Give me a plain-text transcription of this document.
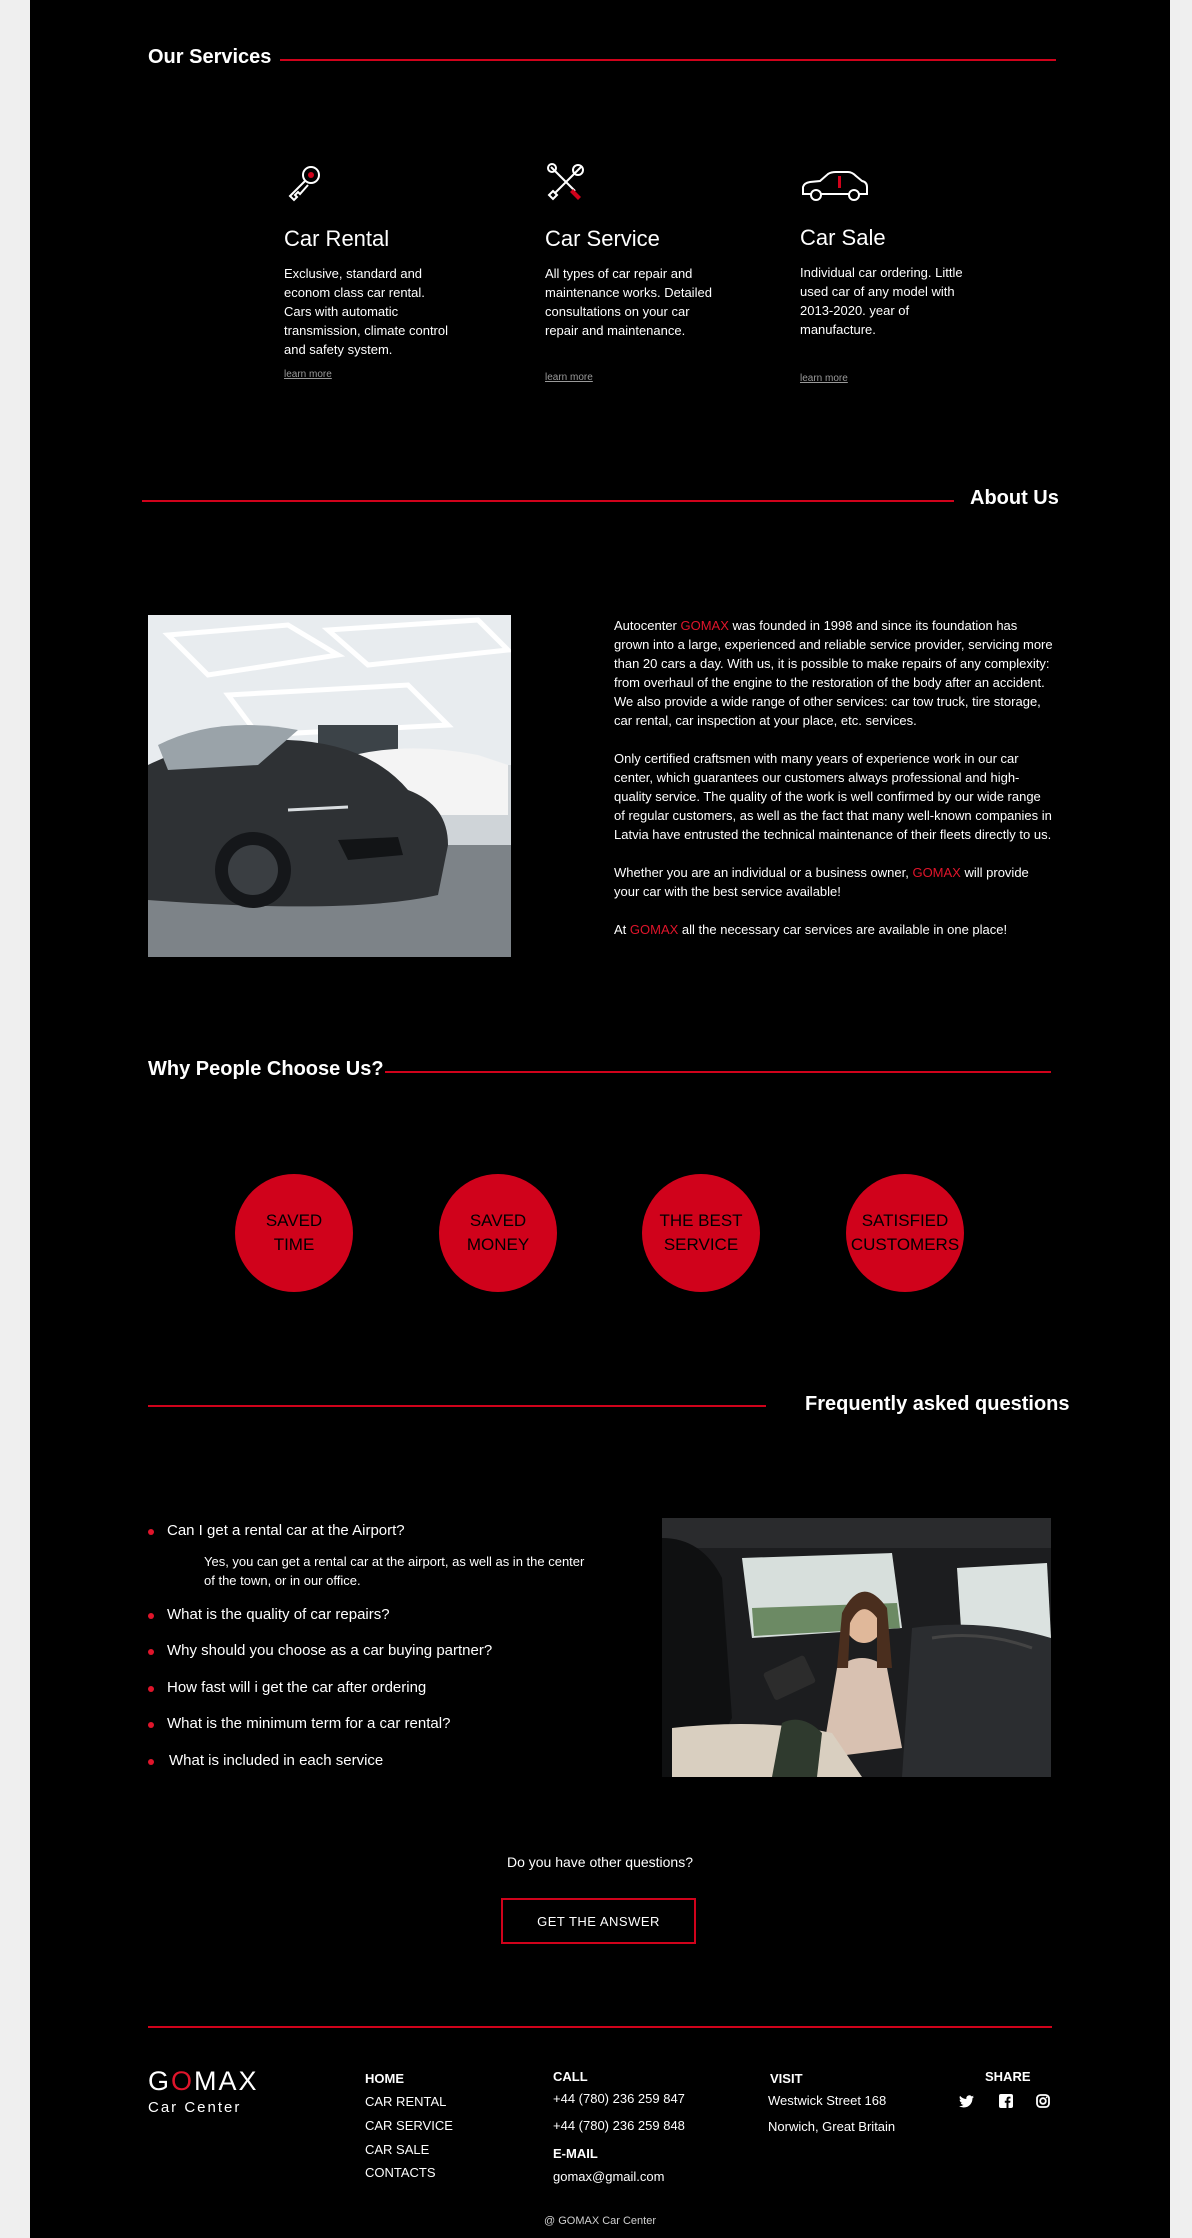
Our Services
Car Rental
Exclusive, standard and econom class car rental. Cars with automatic transmission, climate control and safety system.
learn more
Car Service
All types of car repair and maintenance works. Detailed consultations on your car repair and maintenance.
learn more
Car Sale
Individual car ordering. Little used car of any model with 2013-2020. year of manufacture.
learn more
About Us

Autocenter GOMAX was founded in 1998 and since its foundation has grown into a large, experienced and reliable service provider, servicing more than 20 cars a day. With us, it is possible to make repairs of any complexity: from overhaul of the engine to the restoration of the body after an accident. We also provide a wide range of other services: car tow truck, tire storage, car rental, car inspection at your place, etc. services.

Only certified craftsmen with many years of experience work in our car center, which guarantees our customers always professional and high-quality service. The quality of the work is well confirmed by our wide range of regular customers, as well as the fact that many well-known companies in Latvia have entrusted the technical maintenance of their fleets directly to us.

Whether you are an individual or a business owner, GOMAX will provide your car with the best service available!

At GOMAX all the necessary car services are available in one place!

Why People Choose Us?
SAVED
TIME
SAVED
MONEY
THE BEST
SERVICE
SATISFIED
CUSTOMERS
Frequently asked questions
Can I get a rental car at the Airport?
Yes, you can get a rental car at the airport, as well as in the center of the town, or in our office.
What is the quality of car repairs?
Why should you choose as a car buying partner?
How fast will i get the car after ordering
What is the minimum term for a car rental?
What is included in each service
Do you have other questions?
GET THE ANSWER
GOMAX
Car Center
HOME
CAR RENTAL
CAR SERVICE
CAR SALE
CONTACTS
CALL
+44 (780) 236 259 847
+44 (780) 236 259 848
E-MAIL
gomax@gmail.com
VISIT
Westwick Street 168
Norwich, Great Britain
SHARE
@ GOMAX Car Center
